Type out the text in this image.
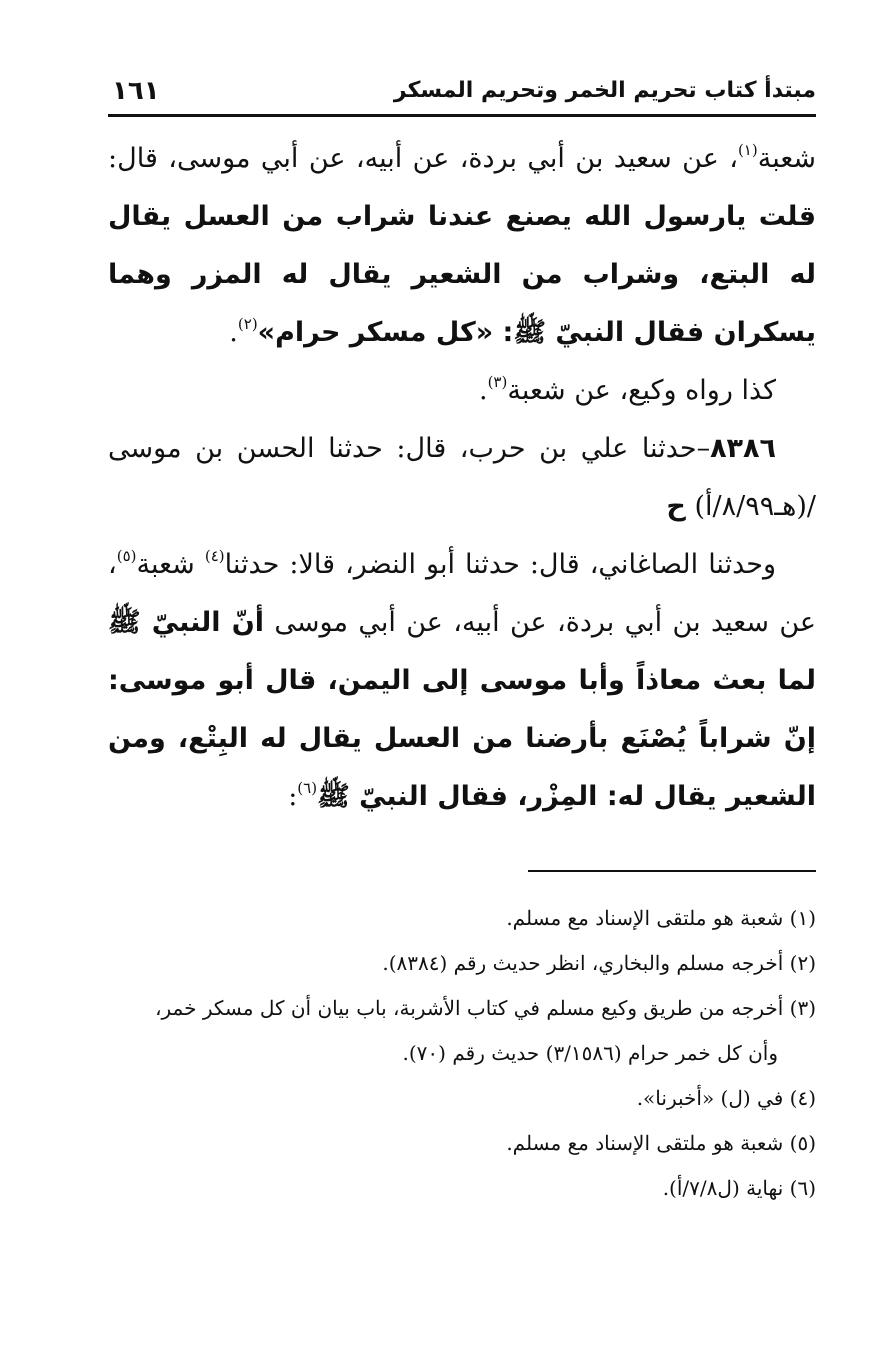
مبتدأ كتاب تحريم الخمر وتحريم المسكر
١٦١

شعبة$^{(١)}$، عن سعيد بن أبي بردة، عن أبيه، عن أبي موسى، قال: قلت يارسول الله يصنع عندنا شراب من العسل يقال له البتع، وشراب من الشعير يقال له المزر وهما يسكران فقال النبيّ ﷺ: «كل مسكر حرام»$^{(٢)}$.

كذا رواه وكيع، عن شعبة$^{(٣)}$.

٨٣٨٦–حدثنا علي بن حرب، قال: حدثنا الحسن بن موسى /(هـ٨/٩٩/أ) ح

وحدثنا الصاغاني، قال: حدثنا أبو النضر، قالا: حدثنا$^{(٤)}$ شعبة$^{(٥)}$، عن سعيد بن أبي بردة، عن أبيه، عن أبي موسى أنّ النبيّ ﷺ لما بعث معاذاً وأبا موسى إلى اليمن، قال أبو موسى: إنّ شراباً يُصْنَع بأرضنا من العسل يقال له البِتْع، ومن الشعير يقال له: المِزْر، فقال النبيّ ﷺ$^{(٦)}$:

(١) شعبة هو ملتقى الإسناد مع مسلم.

(٢) أخرجه مسلم والبخاري، انظر حديث رقم (٨٣٨٤).

(٣) أخرجه من طريق وكيع مسلم في كتاب الأشربة، باب بيان أن كل مسكر خمر،

وأن كل خمر حرام (٣/١٥٨٦) حديث رقم (٧٠).

(٤) في (ل) «أخبرنا».

(٥) شعبة هو ملتقى الإسناد مع مسلم.

(٦) نهاية (ل٧/٨/أ).
